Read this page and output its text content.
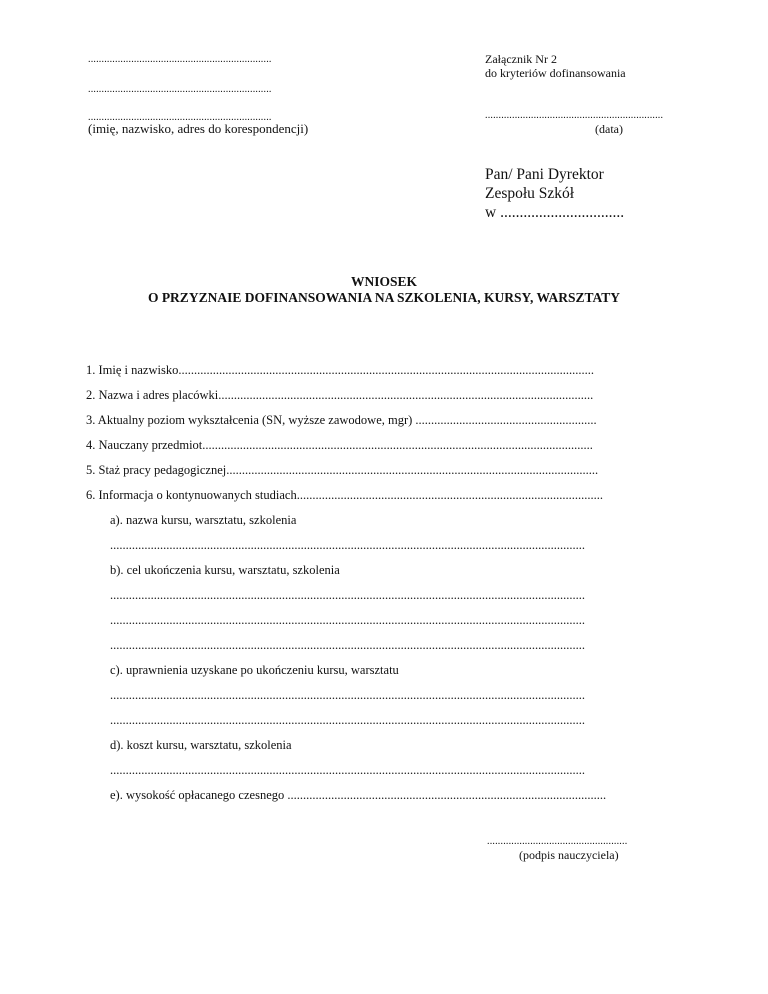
....................................................................
....................................................................
....................................................................
(imię, nazwisko, adres do korespondencji)
Załącznik Nr 2
do kryteriów dofinansowania
..................................................................
(data)
Pan/ Pani Dyrektor
Zespołu Szkół
w ................................
WNIOSEK
O PRZYZNAIE DOFINANSOWANIA NA SZKOLENIA, KURSY, WARSZTATY
1. Imię i nazwisko.....................................................................................................................................
2. Nazwa i adres placówki........................................................................................................................
3. Aktualny poziom wykształcenia (SN, wyższe zawodowe, mgr) ..........................................................
4. Nauczany przedmiot.............................................................................................................................
5. Staż pracy pedagogicznej.......................................................................................................................
6. Informacja o kontynuowanych studiach..................................................................................................
a). nazwa kursu, warsztatu, szkolenia
........................................................................................................................................................
b). cel ukończenia kursu, warsztatu, szkolenia
........................................................................................................................................................
........................................................................................................................................................
........................................................................................................................................................
c). uprawnienia uzyskane po ukończeniu kursu, warsztatu
........................................................................................................................................................
........................................................................................................................................................
d). koszt kursu, warsztatu, szkolenia
........................................................................................................................................................
e). wysokość opłacanego czesnego ......................................................................................................
....................................................
(podpis nauczyciela)
